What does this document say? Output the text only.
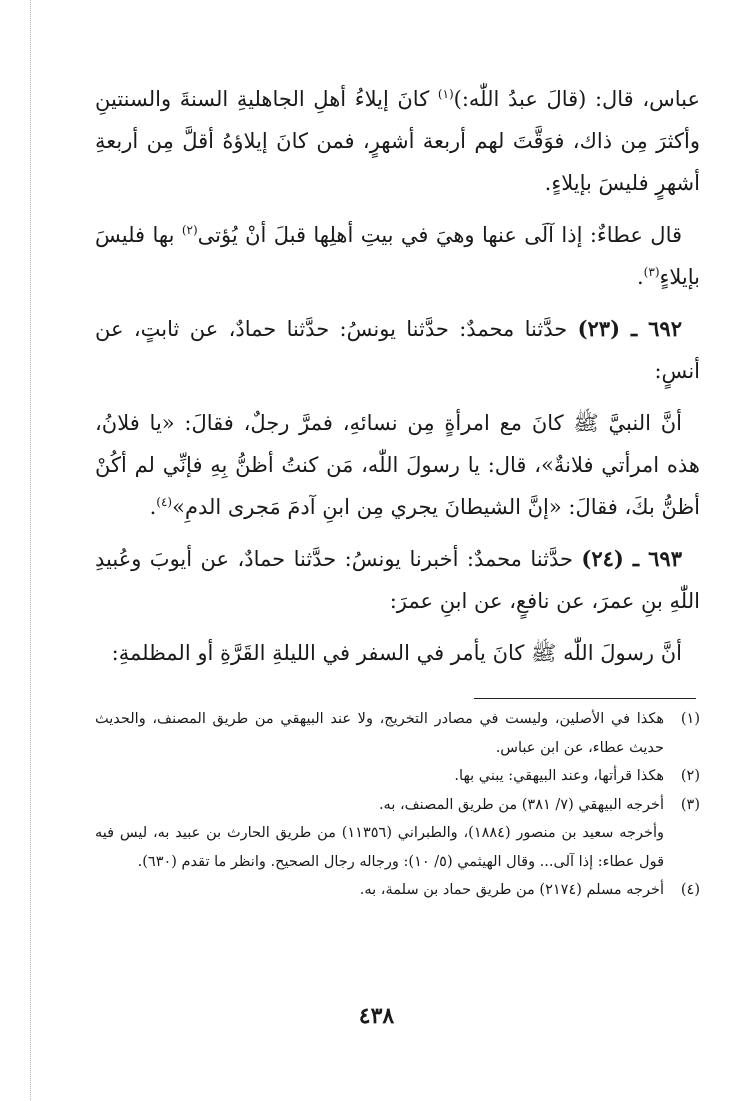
عباس، قال: (قالَ عبدُ اللّٰه:)$^{(١)}$ كانَ إيلاءُ أهلِ الجاهليةِ السنةَ والسنتينِ وأكثرَ مِن ذاك، فوَقَّتَ لهم أربعة أشهرٍ، فمن كانَ إيلاؤهُ أقلَّ مِن أربعةِ أشهرٍ فليسَ بإيلاءٍ.

قال عطاءٌ: إذا آلَى عنها وهيَ في بيتِ أهلِها قبلَ أنْ يُؤتى$^{(٢)}$ بها فليسَ بإيلاءٍ$^{(٣)}$.

٦٩٢ ـ (٢٣) حدَّثنا محمدٌ: حدَّثنا يونسُ: حدَّثنا حمادٌ، عن ثابتٍ، عن أنسٍ:

أنَّ النبيَّ ﷺ كانَ مع امرأةٍ مِن نسائهِ، فمرَّ رجلٌ، فقالَ: «يا فلانُ، هذه امرأتي فلانةٌ»، قال: يا رسولَ اللّٰه، مَن كنتُ أظنُّ بِهِ فإنِّي لم أكُنْ أظنُّ بكَ، فقالَ: «إنَّ الشيطانَ يجري مِن ابنِ آدمَ مَجرى الدمِ»$^{(٤)}$.

٦٩٣ ـ (٢٤) حدَّثنا محمدٌ: أخبرنا يونسُ: حدَّثنا حمادٌ، عن أيوبَ وعُبيدِ اللّٰهِ بنِ عمرَ، عن نافعٍ، عن ابنِ عمرَ:

أنَّ رسولَ اللّٰه ﷺ كانَ يأمر في السفر في الليلةِ القَرَّةِ أو المظلمةِ:

(١)
هكذا في الأصلين، وليست في مصادر التخريج، ولا عند البيهقي من طريق المصنف، والحديث حديث عطاء، عن ابن عباس.
(٢)
هكذا قرأتها، وعند البيهقي: يبني بها.
(٣)
أخرجه البيهقي (٧/ ٣٨١) من طريق المصنف، به.
وأخرجه سعيد بن منصور (١٨٨٤)، والطبراني (١١٣٥٦) من طريق الحارث بن عبيد به، ليس فيه قول عطاء: إذا آلى... وقال الهيثمي (٥/ ١٠): ورجاله رجال الصحيح. وانظر ما تقدم (٦٣٠).
(٤)
أخرجه مسلم (٢١٧٤) من طريق حماد بن سلمة، به.
٤٣٨
